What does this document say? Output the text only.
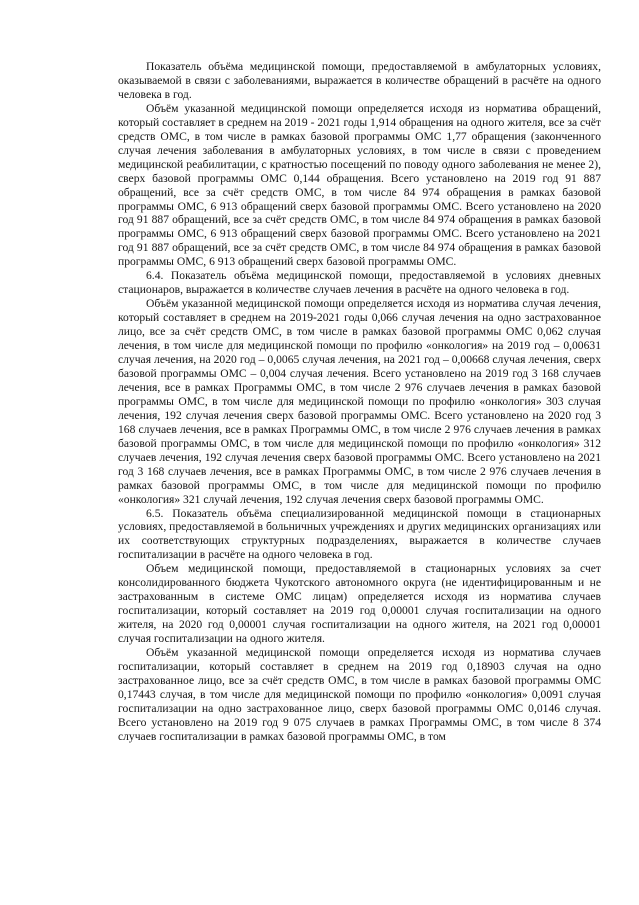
Показатель объёма медицинской помощи, предоставляемой в амбулаторных условиях, оказываемой в связи с заболеваниями, выражается в количестве обращений в расчёте на одного человека в год.

Объём указанной медицинской помощи определяется исходя из норматива обращений, который составляет в среднем на 2019 - 2021 годы 1,914 обращения на одного жителя, все за счёт средств ОМС, в том числе в рамках базовой программы ОМС 1,77 обращения (законченного случая лечения заболевания в амбулаторных условиях, в том числе в связи с проведением медицинской реабилитации, с кратностью посещений по поводу одного заболевания не менее 2), сверх базовой программы ОМС 0,144 обращения. Всего установлено на 2019 год 91 887 обращений, все за счёт средств ОМС, в том числе 84 974 обращения в рамках базовой программы ОМС, 6 913 обращений сверх базовой программы ОМС. Всего установлено на 2020 год 91 887 обращений, все за счёт средств ОМС, в том числе 84 974 обращения в рамках базовой программы ОМС, 6 913 обращений сверх базовой программы ОМС. Всего установлено на 2021 год 91 887 обращений, все за счёт средств ОМС, в том числе 84 974 обращения в рамках базовой программы ОМС, 6 913 обращений сверх базовой программы ОМС.

6.4. Показатель объёма медицинской помощи, предоставляемой в условиях дневных стационаров, выражается в количестве случаев лечения в расчёте на одного человека в год.

Объём указанной медицинской помощи определяется исходя из норматива случая лечения, который составляет в среднем на 2019-2021 годы 0,066 случая лечения на одно застрахованное лицо, все за счёт средств ОМС, в том числе в рамках базовой программы ОМС 0,062 случая лечения, в том числе для медицинской помощи по профилю «онкология» на 2019 год – 0,00631 случая лечения, на 2020 год – 0,0065 случая лечения, на 2021 год – 0,00668 случая лечения, сверх базовой программы ОМС – 0,004 случая лечения. Всего установлено на 2019 год 3 168 случаев лечения, все в рамках Программы ОМС, в том числе 2 976 случаев лечения в рамках базовой программы ОМС, в том числе для медицинской помощи по профилю «онкология» 303 случая лечения, 192 случая лечения сверх базовой программы ОМС. Всего установлено на 2020 год 3 168 случаев лечения, все в рамках Программы ОМС, в том числе 2 976 случаев лечения в рамках базовой программы ОМС, в том числе для медицинской помощи по профилю «онкология» 312 случаев лечения, 192 случая лечения сверх базовой программы ОМС. Всего установлено на 2021 год 3 168 случаев лечения, все в рамках Программы ОМС, в том числе 2 976 случаев лечения в рамках базовой программы ОМС, в том числе для медицинской помощи по профилю «онкология» 321 случай лечения, 192 случая лечения сверх базовой программы ОМС.

6.5. Показатель объёма специализированной медицинской помощи в стационарных условиях, предоставляемой в больничных учреждениях и других медицинских организациях или их соответствующих структурных подразделениях, выражается в количестве случаев госпитализации в расчёте на одного человека в год.

Объем медицинской помощи, предоставляемой в стационарных условиях за счет консолидированного бюджета Чукотского автономного округа (не идентифицированным и не застрахованным в системе ОМС лицам) определяется исходя из норматива случаев госпитализации, который составляет на 2019 год 0,00001 случая госпитализации на одного жителя, на 2020 год 0,00001 случая госпитализации на одного жителя, на 2021 год 0,00001 случая госпитализации на одного жителя.

Объём указанной медицинской помощи определяется исходя из норматива случаев госпитализации, который составляет в среднем на 2019 год 0,18903 случая на одно застрахованное лицо, все за счёт средств ОМС, в том числе в рамках базовой программы ОМС 0,17443 случая, в том числе для медицинской помощи по профилю «онкология» 0,0091 случая госпитализации на одно застрахованное лицо, сверх базовой программы ОМС 0,0146 случая. Всего установлено на 2019 год 9 075 случаев в рамках Программы ОМС, в том числе 8 374 случаев госпитализации в рамках базовой программы ОМС, в том
